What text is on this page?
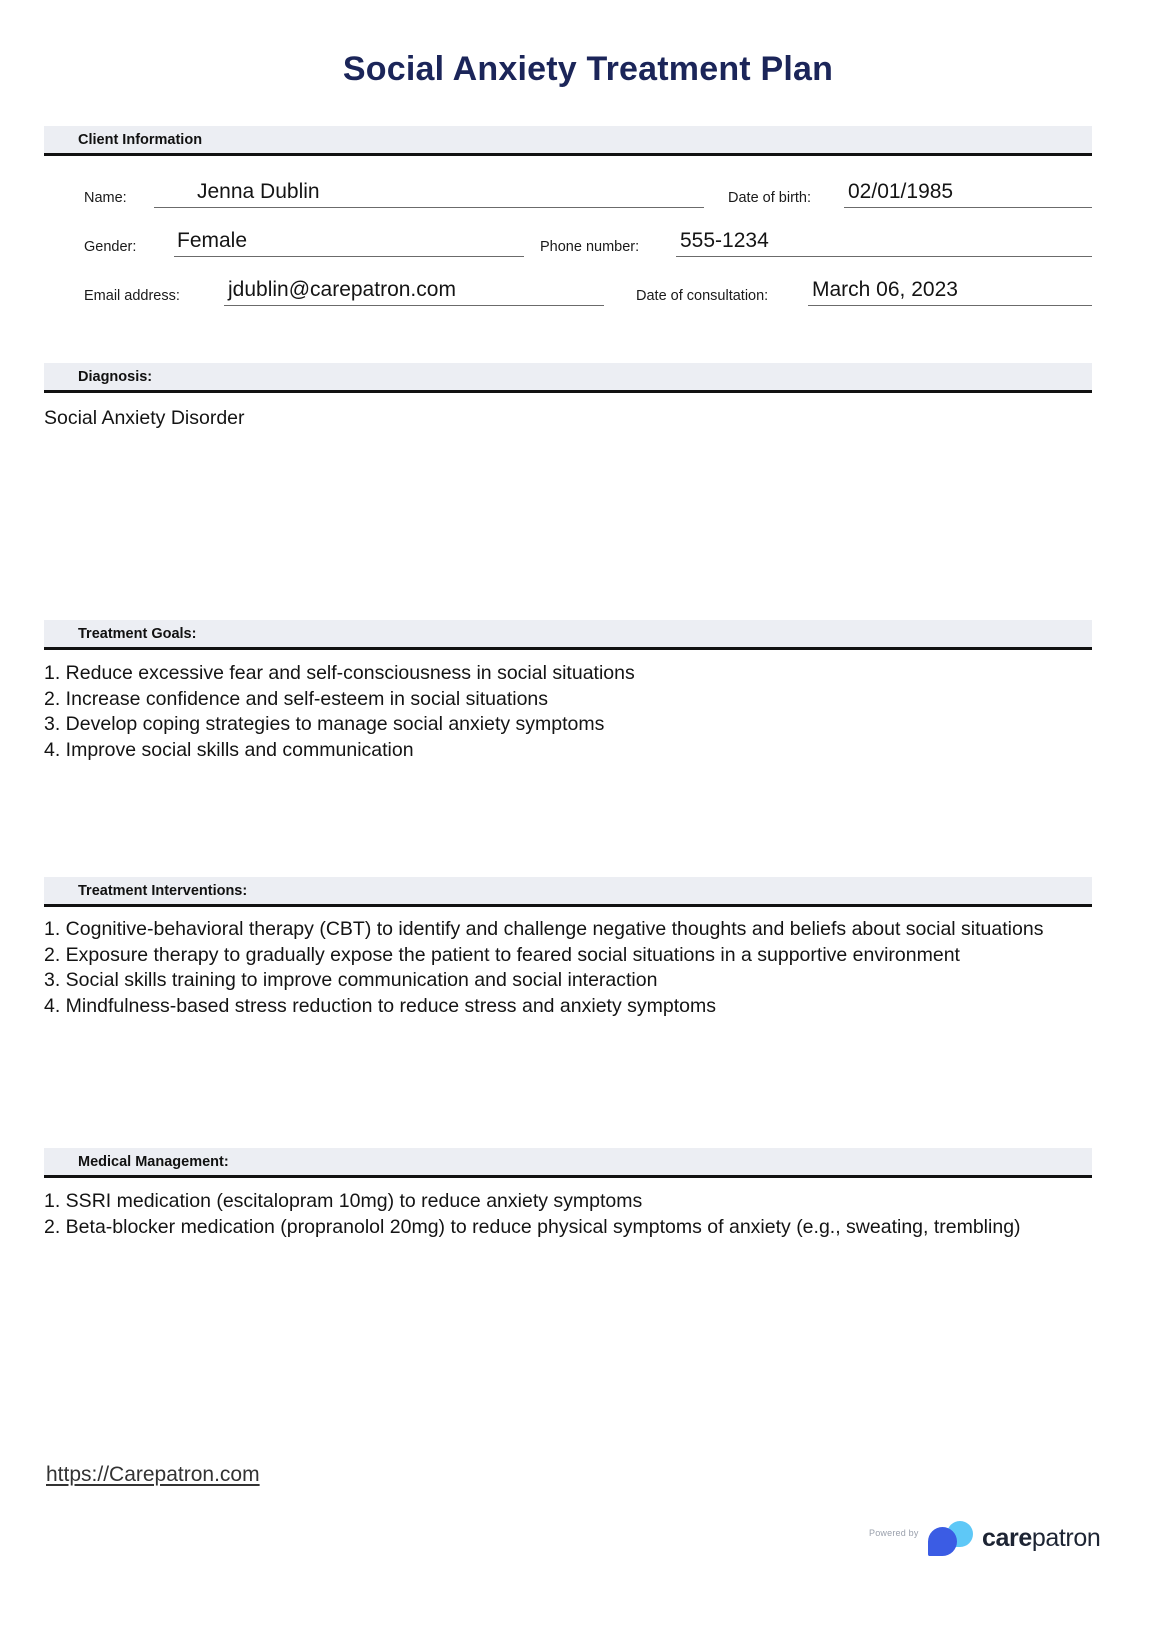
Social Anxiety Treatment Plan
Client Information
Name:	Jenna Dublin	Date of birth: 02/01/1985
Gender: Female	Phone number: 555-1234
Email address: jdublin@carepatron.com	Date of consultation: March 06, 2023
Diagnosis:
Social Anxiety Disorder
Treatment Goals:
1. Reduce excessive fear and self-consciousness in social situations
2. Increase confidence and self-esteem in social situations
3. Develop coping strategies to manage social anxiety symptoms
4. Improve social skills and communication
Treatment Interventions:
1. Cognitive-behavioral therapy (CBT) to identify and challenge negative thoughts and beliefs about social situations
2. Exposure therapy to gradually expose the patient to feared social situations in a supportive environment
3. Social skills training to improve communication and social interaction
4. Mindfulness-based stress reduction to reduce stress and anxiety symptoms
Medical Management:
1. SSRI medication (escitalopram 10mg) to reduce anxiety symptoms
2. Beta-blocker medication (propranolol 20mg) to reduce physical symptoms of anxiety (e.g., sweating, trembling)
https://Carepatron.com
Powered by	carepatron
